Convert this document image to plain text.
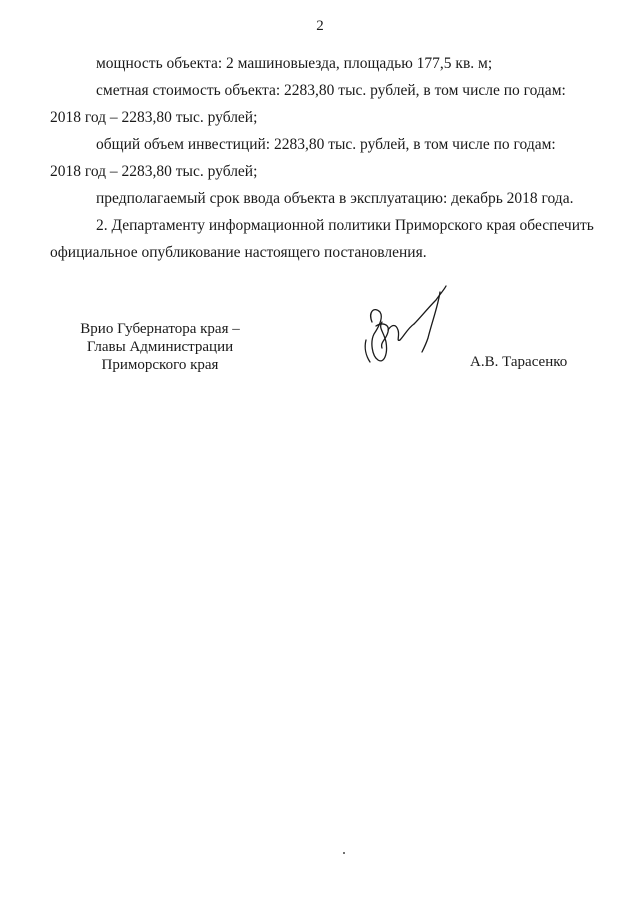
2
мощность объекта: 2 машиновыезда, площадью 177,5 кв. м;
сметная стоимость объекта: 2283,80 тыс. рублей, в том числе по годам:
2018 год – 2283,80 тыс. рублей;
общий объем инвестиций: 2283,80 тыс. рублей, в том числе по годам:
2018 год – 2283,80 тыс. рублей;
предполагаемый срок ввода объекта в эксплуатацию: декабрь 2018 года.
2. Департаменту информационной политики Приморского края обеспечить
официальное опубликование настоящего постановления.
Врио Губернатора края –
Главы Администрации
Приморского края	А.В. Тарасенко
